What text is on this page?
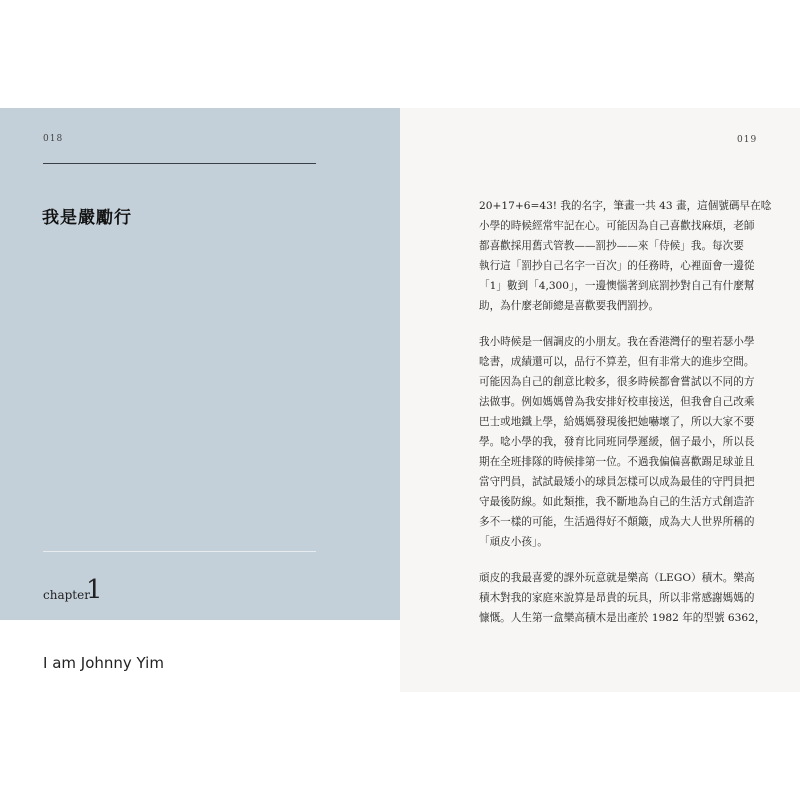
018
我是嚴勵行
chapter
1
I am Johnny Yim
019

20+17+6=43! 我的名字，筆畫一共 43 畫，這個號碼早在唸
小學的時候經常牢記在心。可能因為自己喜歡找麻煩，老師
都喜歡採用舊式管教——罰抄——來「侍候」我。每次要
執行這「罰抄自己名字一百次」的任務時，心裡面會一邊從
「1」數到「4,300」，一邊懊惱著到底罰抄對自己有什麼幫
助，為什麼老師總是喜歡要我們罰抄。

我小時候是一個調皮的小朋友。我在香港灣仔的聖若瑟小學
唸書，成績還可以，品行不算差，但有非常大的進步空間。
可能因為自己的創意比較多，很多時候都會嘗試以不同的方
法做事。例如媽媽曾為我安排好校車接送，但我會自己改乘
巴士或地鐵上學，給媽媽發現後把她嚇壞了，所以大家不要
學。唸小學的我，發育比同班同學遲緩，個子最小，所以長
期在全班排隊的時候排第一位。不過我偏偏喜歡踢足球並且
當守門員，試試最矮小的球員怎樣可以成為最佳的守門員把
守最後防線。如此類推，我不斷地為自己的生活方式創造許
多不一樣的可能，生活過得好不顛簸，成為大人世界所稱的
「頑皮小孩」。

頑皮的我最喜愛的課外玩意就是樂高（LEGO）積木。樂高
積木對我的家庭來說算是昂貴的玩具，所以非常感謝媽媽的
慷慨。人生第一盒樂高積木是出產於 1982 年的型號 6362，
